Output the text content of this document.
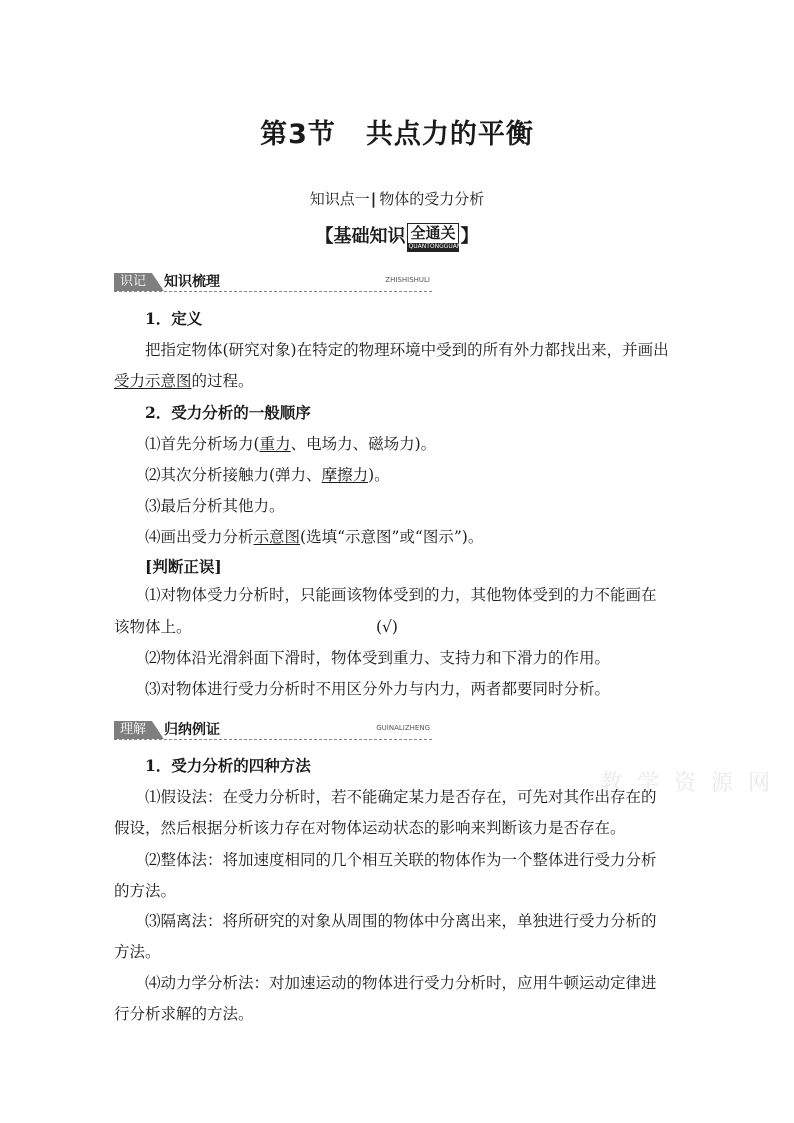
第3节 共点力的平衡
知识点一| 物体的受力分析
【基础知识 全通关
QUANTONGGUAN 】
识记	知识梳理	ZHISHISHULI
1．定义
把指定物体(研究对象)在特定的物理环境中受到的所有外力都找出来，并画出
受力示意图的过程。
2．受力分析的一般顺序
⑴首先分析场力(重力、电场力、磁场力)。
⑵其次分析接触力(弹力、摩擦力)。
⑶最后分析其他力。
⑷画出受力分析示意图(选填“示意图”或“图示”)。
[判断正误]
⑴对物体受力分析时，只能画该物体受到的力，其他物体受到的力不能画在
该物体上。	(√)
⑵物体沿光滑斜面下滑时，物体受到重力、支持力和下滑力的作用。
⑶对物体进行受力分析时不用区分外力与内力，两者都要同时分析。
理解	归纳例证	GUINALIZHENG
教 学 资 源 网
1．受力分析的四种方法
⑴假设法：在受力分析时，若不能确定某力是否存在，可先对其作出存在的
假设，然后根据分析该力存在对物体运动状态的影响来判断该力是否存在。
⑵整体法：将加速度相同的几个相互关联的物体作为一个整体进行受力分析
的方法。
⑶隔离法：将所研究的对象从周围的物体中分离出来，单独进行受力分析的
方法。
⑷动力学分析法：对加速运动的物体进行受力分析时，应用牛顿运动定律进
行分析求解的方法。
